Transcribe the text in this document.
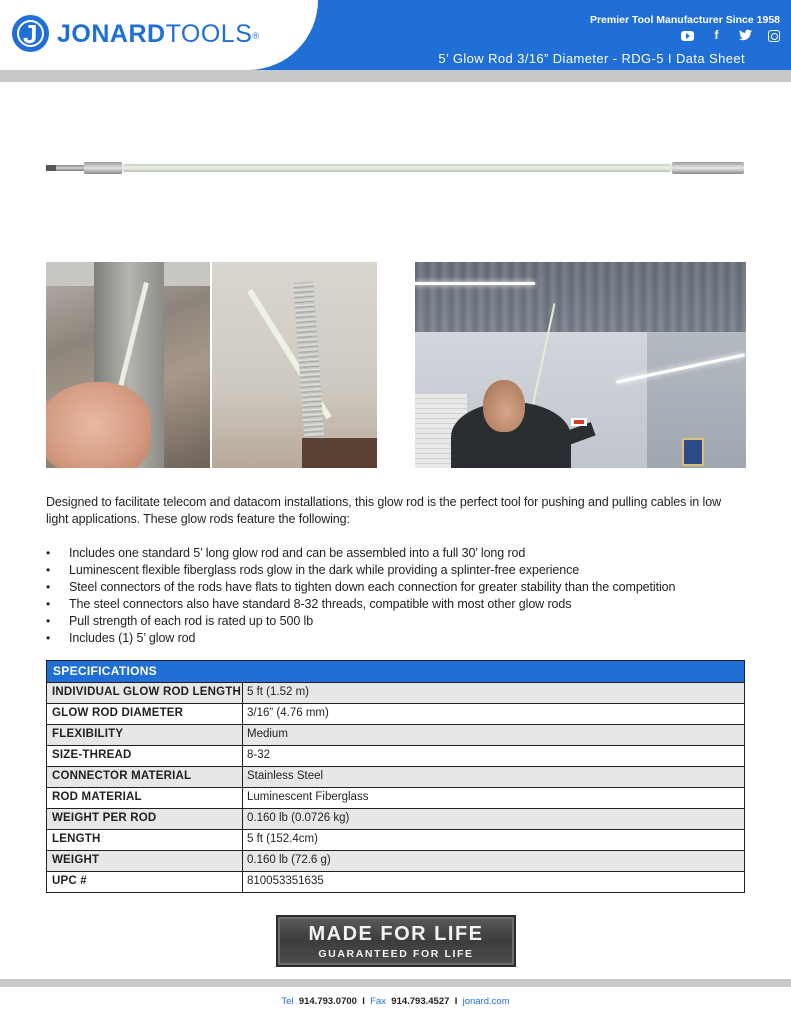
J JONARDTOOLS®
Premier Tool Manufacturer Since 1958
f
5’ Glow Rod 3/16” Diameter - RDG-5 I Data Sheet

Designed to facilitate telecom and datacom installations, this glow rod is the perfect tool for pushing and pulling cables in low light applications. These glow rods feature the following:

• Includes one standard 5’ long glow rod and can be assembled into a full 30’ long rod
• Luminescent flexible fiberglass rods glow in the dark while providing a splinter-free experience
• Steel connectors of the rods have flats to tighten down each connection for greater stability than the competition
• The steel connectors also have standard 8-32 threads, compatible with most other glow rods
• Pull strength of each rod is rated up to 500 lb
• Includes (1) 5’ glow rod
SPECIFICATIONS
INDIVIDUAL GLOW ROD LENGTH 5 ft (1.52 m)
GLOW ROD DIAMETER	3/16” (4.76 mm)
FLEXIBILITY	Medium
SIZE-THREAD	8-32
CONNECTOR MATERIAL	Stainless Steel
ROD MATERIAL	Luminescent Fiberglass
WEIGHT PER ROD	0.160 lb (0.0726 kg)
LENGTH	5 ft (152.4cm)
WEIGHT	0.160 lb (72.6 g)
UPC #	810053351635
MADE FOR LIFE
GUARANTEED FOR LIFE
Tel 914.793.0700 I Fax 914.793.4527 I jonard.com
